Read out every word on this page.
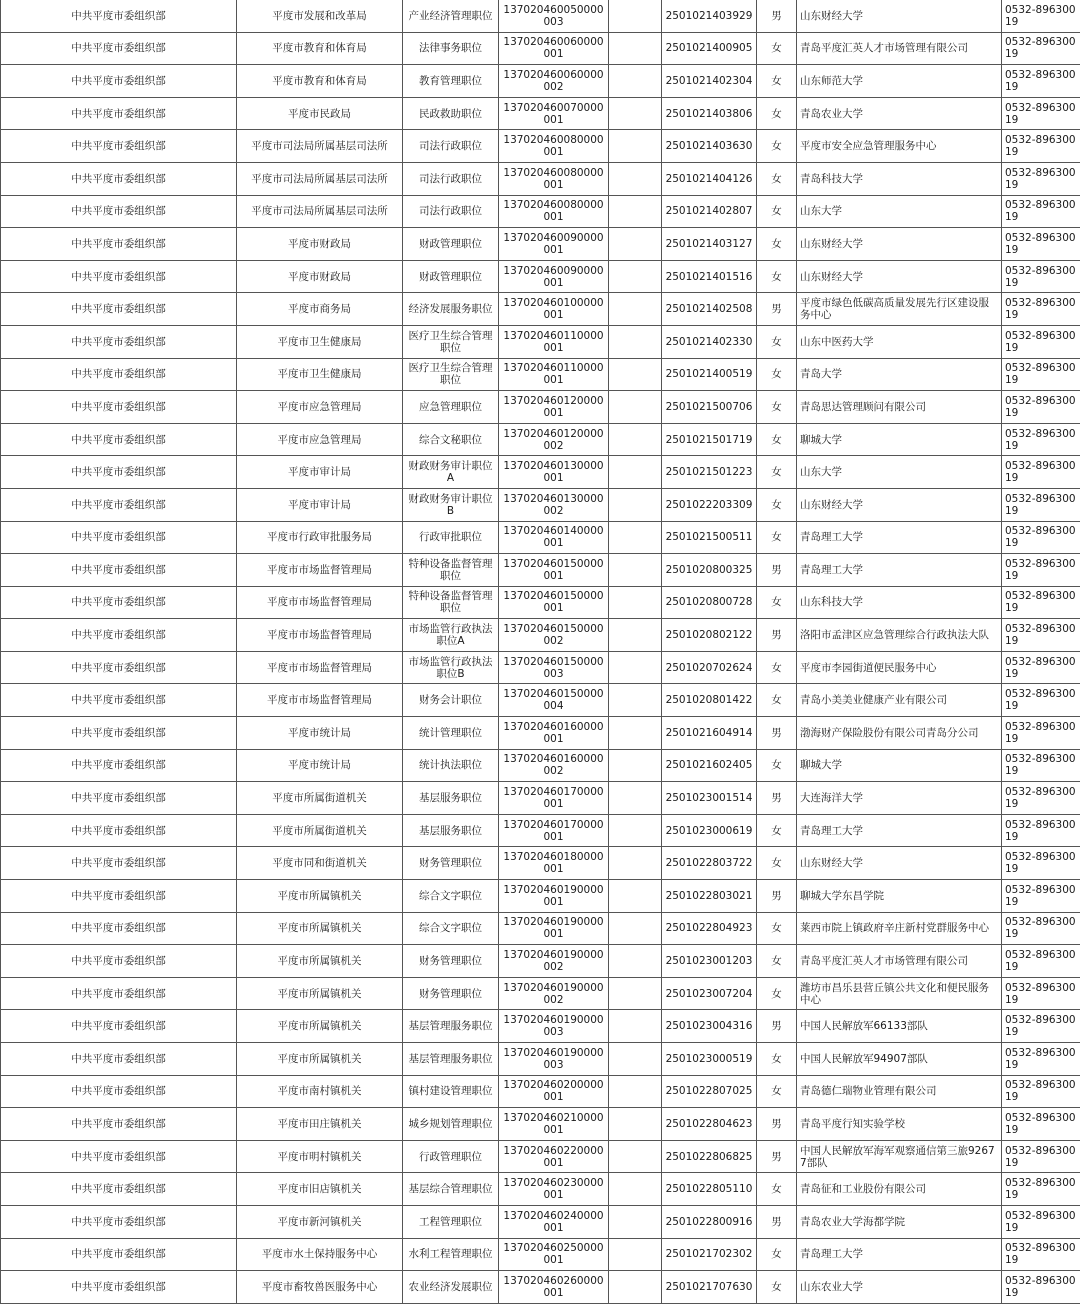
中共平度市委组织部	平度市发展和改革局	产业经济管理职位	137020460050000003		2501021403929	男	山东财经大学	0532-89630019
中共平度市委组织部	平度市教育和体育局	法律事务职位	137020460060000001		2501021400905	女	青岛平度汇英人才市场管理有限公司	0532-89630019
中共平度市委组织部	平度市教育和体育局	教育管理职位	137020460060000002		2501021402304	女	山东师范大学	0532-89630019
中共平度市委组织部	平度市民政局	民政救助职位	137020460070000001		2501021403806	女	青岛农业大学	0532-89630019
中共平度市委组织部	平度市司法局所属基层司法所	司法行政职位	137020460080000001		2501021403630	女	平度市安全应急管理服务中心	0532-89630019
中共平度市委组织部	平度市司法局所属基层司法所	司法行政职位	137020460080000001		2501021404126	女	青岛科技大学	0532-89630019
中共平度市委组织部	平度市司法局所属基层司法所	司法行政职位	137020460080000001		2501021402807	女	山东大学	0532-89630019
中共平度市委组织部	平度市财政局	财政管理职位	137020460090000001		2501021403127	女	山东财经大学	0532-89630019
中共平度市委组织部	平度市财政局	财政管理职位	137020460090000001		2501021401516	女	山东财经大学	0532-89630019
中共平度市委组织部	平度市商务局	经济发展服务职位	137020460100000001		2501021402508	男	平度市绿色低碳高质量发展先行区建设服务中心	0532-89630019
中共平度市委组织部	平度市卫生健康局	医疗卫生综合管理职位	137020460110000001		2501021402330	女	山东中医药大学	0532-89630019
中共平度市委组织部	平度市卫生健康局	医疗卫生综合管理职位	137020460110000001		2501021400519	女	青岛大学	0532-89630019
中共平度市委组织部	平度市应急管理局	应急管理职位	137020460120000001		2501021500706	女	青岛思达管理顾问有限公司	0532-89630019
中共平度市委组织部	平度市应急管理局	综合文秘职位	137020460120000002		2501021501719	女	聊城大学	0532-89630019
中共平度市委组织部	平度市审计局	财政财务审计职位A	137020460130000001		2501021501223	女	山东大学	0532-89630019
中共平度市委组织部	平度市审计局	财政财务审计职位B	137020460130000002		2501022203309	女	山东财经大学	0532-89630019
中共平度市委组织部	平度市行政审批服务局	行政审批职位	137020460140000001		2501021500511	女	青岛理工大学	0532-89630019
中共平度市委组织部	平度市市场监督管理局	特种设备监督管理职位	137020460150000001		2501020800325	男	青岛理工大学	0532-89630019
中共平度市委组织部	平度市市场监督管理局	特种设备监督管理职位	137020460150000001		2501020800728	女	山东科技大学	0532-89630019
中共平度市委组织部	平度市市场监督管理局	市场监管行政执法职位A	137020460150000002		2501020802122	男	洛阳市孟津区应急管理综合行政执法大队	0532-89630019
中共平度市委组织部	平度市市场监督管理局	市场监管行政执法职位B	137020460150000003		2501020702624	女	平度市李园街道便民服务中心	0532-89630019
中共平度市委组织部	平度市市场监督管理局	财务会计职位	137020460150000004		2501020801422	女	青岛小美美业健康产业有限公司	0532-89630019
中共平度市委组织部	平度市统计局	统计管理职位	137020460160000001		2501021604914	男	渤海财产保险股份有限公司青岛分公司	0532-89630019
中共平度市委组织部	平度市统计局	统计执法职位	137020460160000002		2501021602405	女	聊城大学	0532-89630019
中共平度市委组织部	平度市所属街道机关	基层服务职位	137020460170000001		2501023001514	男	大连海洋大学	0532-89630019
中共平度市委组织部	平度市所属街道机关	基层服务职位	137020460170000001		2501023000619	女	青岛理工大学	0532-89630019
中共平度市委组织部	平度市同和街道机关	财务管理职位	137020460180000001		2501022803722	女	山东财经大学	0532-89630019
中共平度市委组织部	平度市所属镇机关	综合文字职位	137020460190000001		2501022803021	男	聊城大学东昌学院	0532-89630019
中共平度市委组织部	平度市所属镇机关	综合文字职位	137020460190000001		2501022804923	女	莱西市院上镇政府辛庄新村党群服务中心	0532-89630019
中共平度市委组织部	平度市所属镇机关	财务管理职位	137020460190000002		2501023001203	女	青岛平度汇英人才市场管理有限公司	0532-89630019
中共平度市委组织部	平度市所属镇机关	财务管理职位	137020460190000002		2501023007204	女	潍坊市昌乐县营丘镇公共文化和便民服务中心	0532-89630019
中共平度市委组织部	平度市所属镇机关	基层管理服务职位	137020460190000003		2501023004316	男	中国人民解放军66133部队	0532-89630019
中共平度市委组织部	平度市所属镇机关	基层管理服务职位	137020460190000003		2501023000519	女	中国人民解放军94907部队	0532-89630019
中共平度市委组织部	平度市南村镇机关	镇村建设管理职位	137020460200000001		2501022807025	女	青岛德仁瑞物业管理有限公司	0532-89630019
中共平度市委组织部	平度市田庄镇机关	城乡规划管理职位	137020460210000001		2501022804623	男	青岛平度行知实验学校	0532-89630019
中共平度市委组织部	平度市明村镇机关	行政管理职位	137020460220000001		2501022806825	男	中国人民解放军海军观察通信第三旅92677部队	0532-89630019
中共平度市委组织部	平度市旧店镇机关	基层综合管理职位	137020460230000001		2501022805110	女	青岛征和工业股份有限公司	0532-89630019
中共平度市委组织部	平度市新河镇机关	工程管理职位	137020460240000001		2501022800916	男	青岛农业大学海都学院	0532-89630019
中共平度市委组织部	平度市水土保持服务中心	水利工程管理职位	137020460250000001		2501021702302	女	青岛理工大学	0532-89630019
中共平度市委组织部	平度市畜牧兽医服务中心	农业经济发展职位	137020460260000001		2501021707630	女	山东农业大学	0532-89630019
